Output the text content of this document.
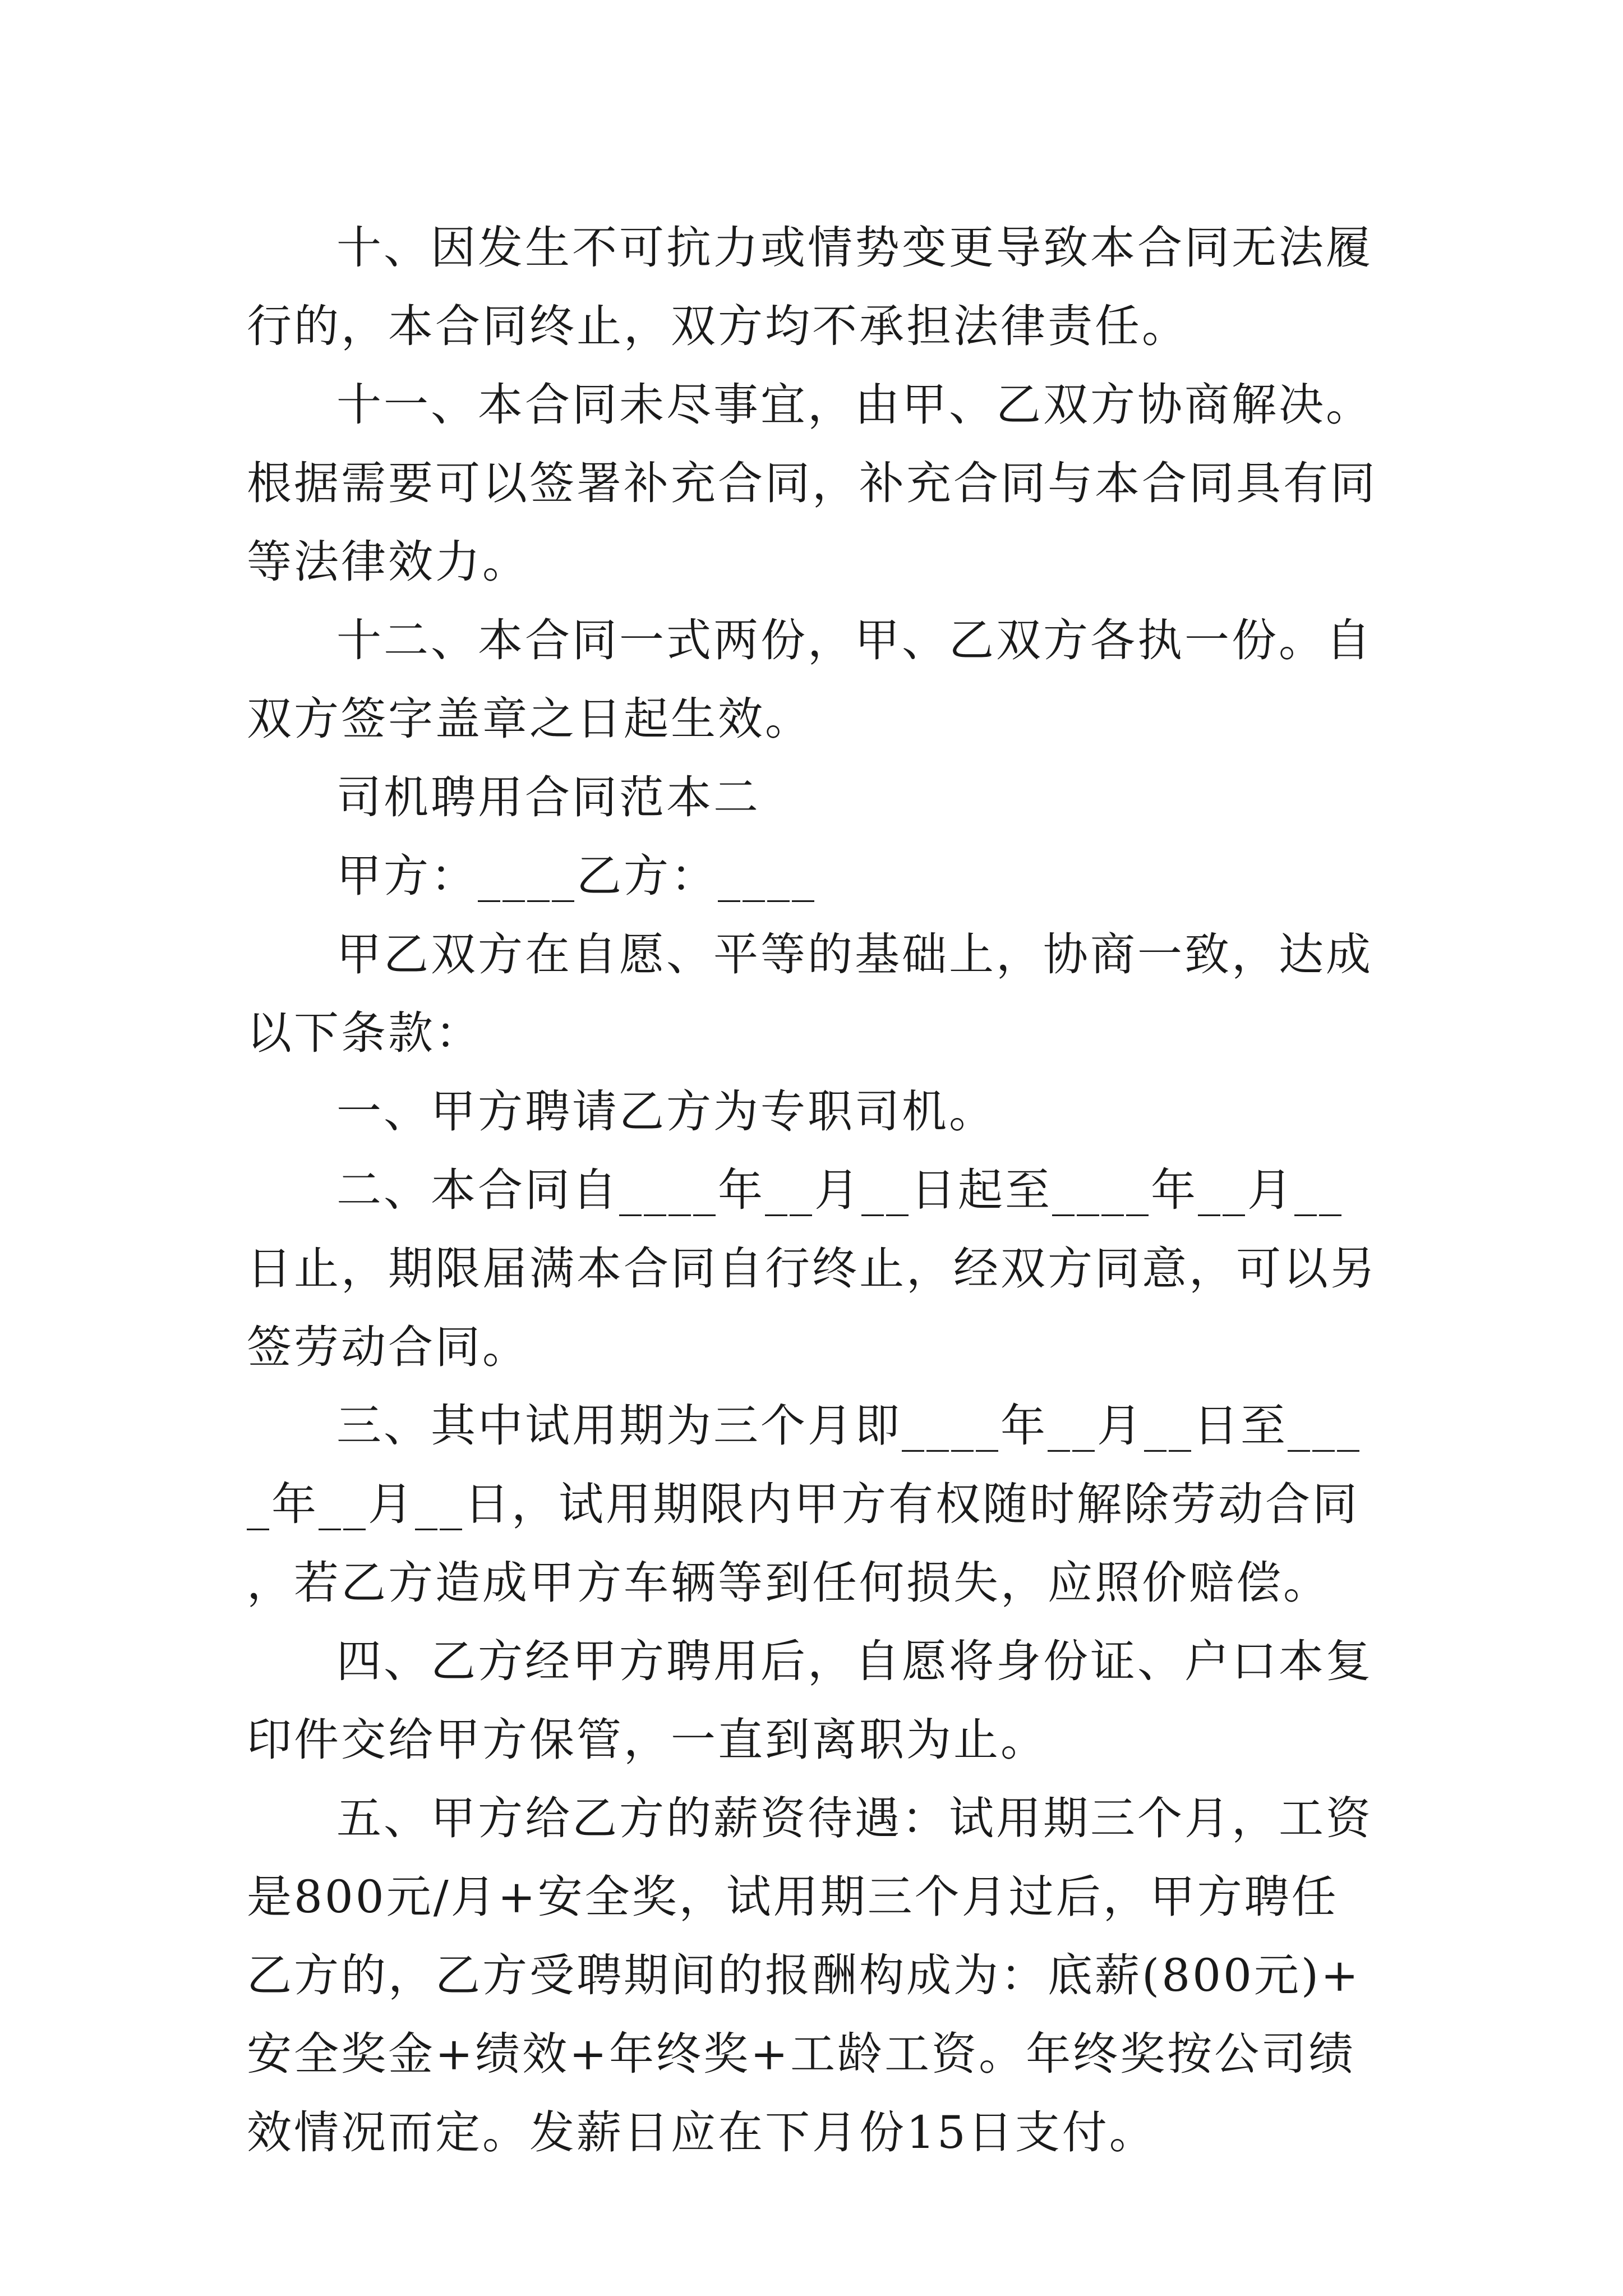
十、因发生不可抗力或情势变更导致本合同无法履行的，本合同终止，双方均不承担法律责任。

十一、本合同未尽事宜，由甲、乙双方协商解决。根据需要可以签署补充合同，补充合同与本合同具有同等法律效力。

十二、本合同一式两份，甲、乙双方各执一份。自双方签字盖章之日起生效。

司机聘用合同范本二

甲方：____乙方：____

甲乙双方在自愿、平等的基础上，协商一致，达成以下条款：

一、甲方聘请乙方为专职司机。

二、本合同自____年__月__日起至____年__月__日止，期限届满本合同自行终止，经双方同意，可以另签劳动合同。

三、其中试用期为三个月即____年__月__日至____年__月__日，试用期限内甲方有权随时解除劳动合同，若乙方造成甲方车辆等到任何损失，应照价赔偿。

四、乙方经甲方聘用后，自愿将身份证、户口本复印件交给甲方保管，一直到离职为止。

五、甲方给乙方的薪资待遇：试用期三个月，工资是800元/月+安全奖，试用期三个月过后，甲方聘任乙方的，乙方受聘期间的报酬构成为：底薪(800元)+安全奖金+绩效+年终奖+工龄工资。年终奖按公司绩效情况而定。发薪日应在下月份15日支付。
